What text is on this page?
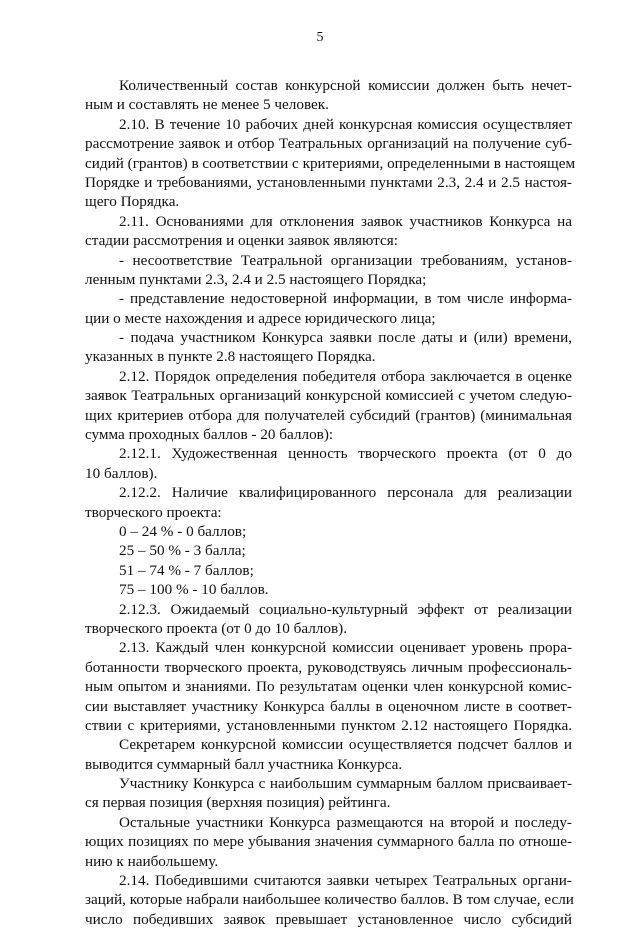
5
Количественный состав конкурсной комиссии должен быть нечет-
ным и составлять не менее 5 человек.
2.10. В течение 10 рабочих дней конкурсная комиссия осуществляет
рассмотрение заявок и отбор Театральных организаций на получение суб-
сидий (грантов) в соответствии с критериями, определенными в настоящем
Порядке и требованиями, установленными пунктами 2.3, 2.4 и 2.5 настоя-
щего Порядка.
2.11. Основаниями для отклонения заявок участников Конкурса на
стадии рассмотрения и оценки заявок являются:
- несоответствие Театральной организации требованиям, установ-
ленным пунктами 2.3, 2.4 и 2.5 настоящего Порядка;
- представление недостоверной информации, в том числе информа-
ции о месте нахождения и адресе юридического лица;
- подача участником Конкурса заявки после даты и (или) времени,
указанных в пункте 2.8 настоящего Порядка.
2.12. Порядок определения победителя отбора заключается в оценке
заявок Театральных организаций конкурсной комиссией с учетом следую-
щих критериев отбора для получателей субсидий (грантов) (минимальная
сумма проходных баллов - 20 баллов):
2.12.1. Художественная ценность творческого проекта (от 0 до
10 баллов).
2.12.2. Наличие квалифицированного персонала для реализации
творческого проекта:
0 – 24 % - 0 баллов;
25 – 50 % - 3 балла;
51 – 74 % - 7 баллов;
75 – 100 % - 10 баллов.
2.12.3. Ожидаемый социально-культурный эффект от реализации
творческого проекта (от 0 до 10 баллов).
2.13. Каждый член конкурсной комиссии оценивает уровень прора-
ботанности творческого проекта, руководствуясь личным профессиональ-
ным опытом и знаниями. По результатам оценки член конкурсной комис-
сии выставляет участнику Конкурса баллы в оценочном листе в соответ-
ствии с критериями, установленными пунктом 2.12 настоящего Порядка.
Секретарем конкурсной комиссии осуществляется подсчет баллов и
выводится суммарный балл участника Конкурса.
Участнику Конкурса с наибольшим суммарным баллом присваивает-
ся первая позиция (верхняя позиция) рейтинга.
Остальные участники Конкурса размещаются на второй и последу-
ющих позициях по мере убывания значения суммарного балла по отноше-
нию к наибольшему.
2.14. Победившими считаются заявки четырех Театральных органи-
заций, которые набрали наибольшее количество баллов. В том случае, если
число победивших заявок превышает установленное число субсидий
